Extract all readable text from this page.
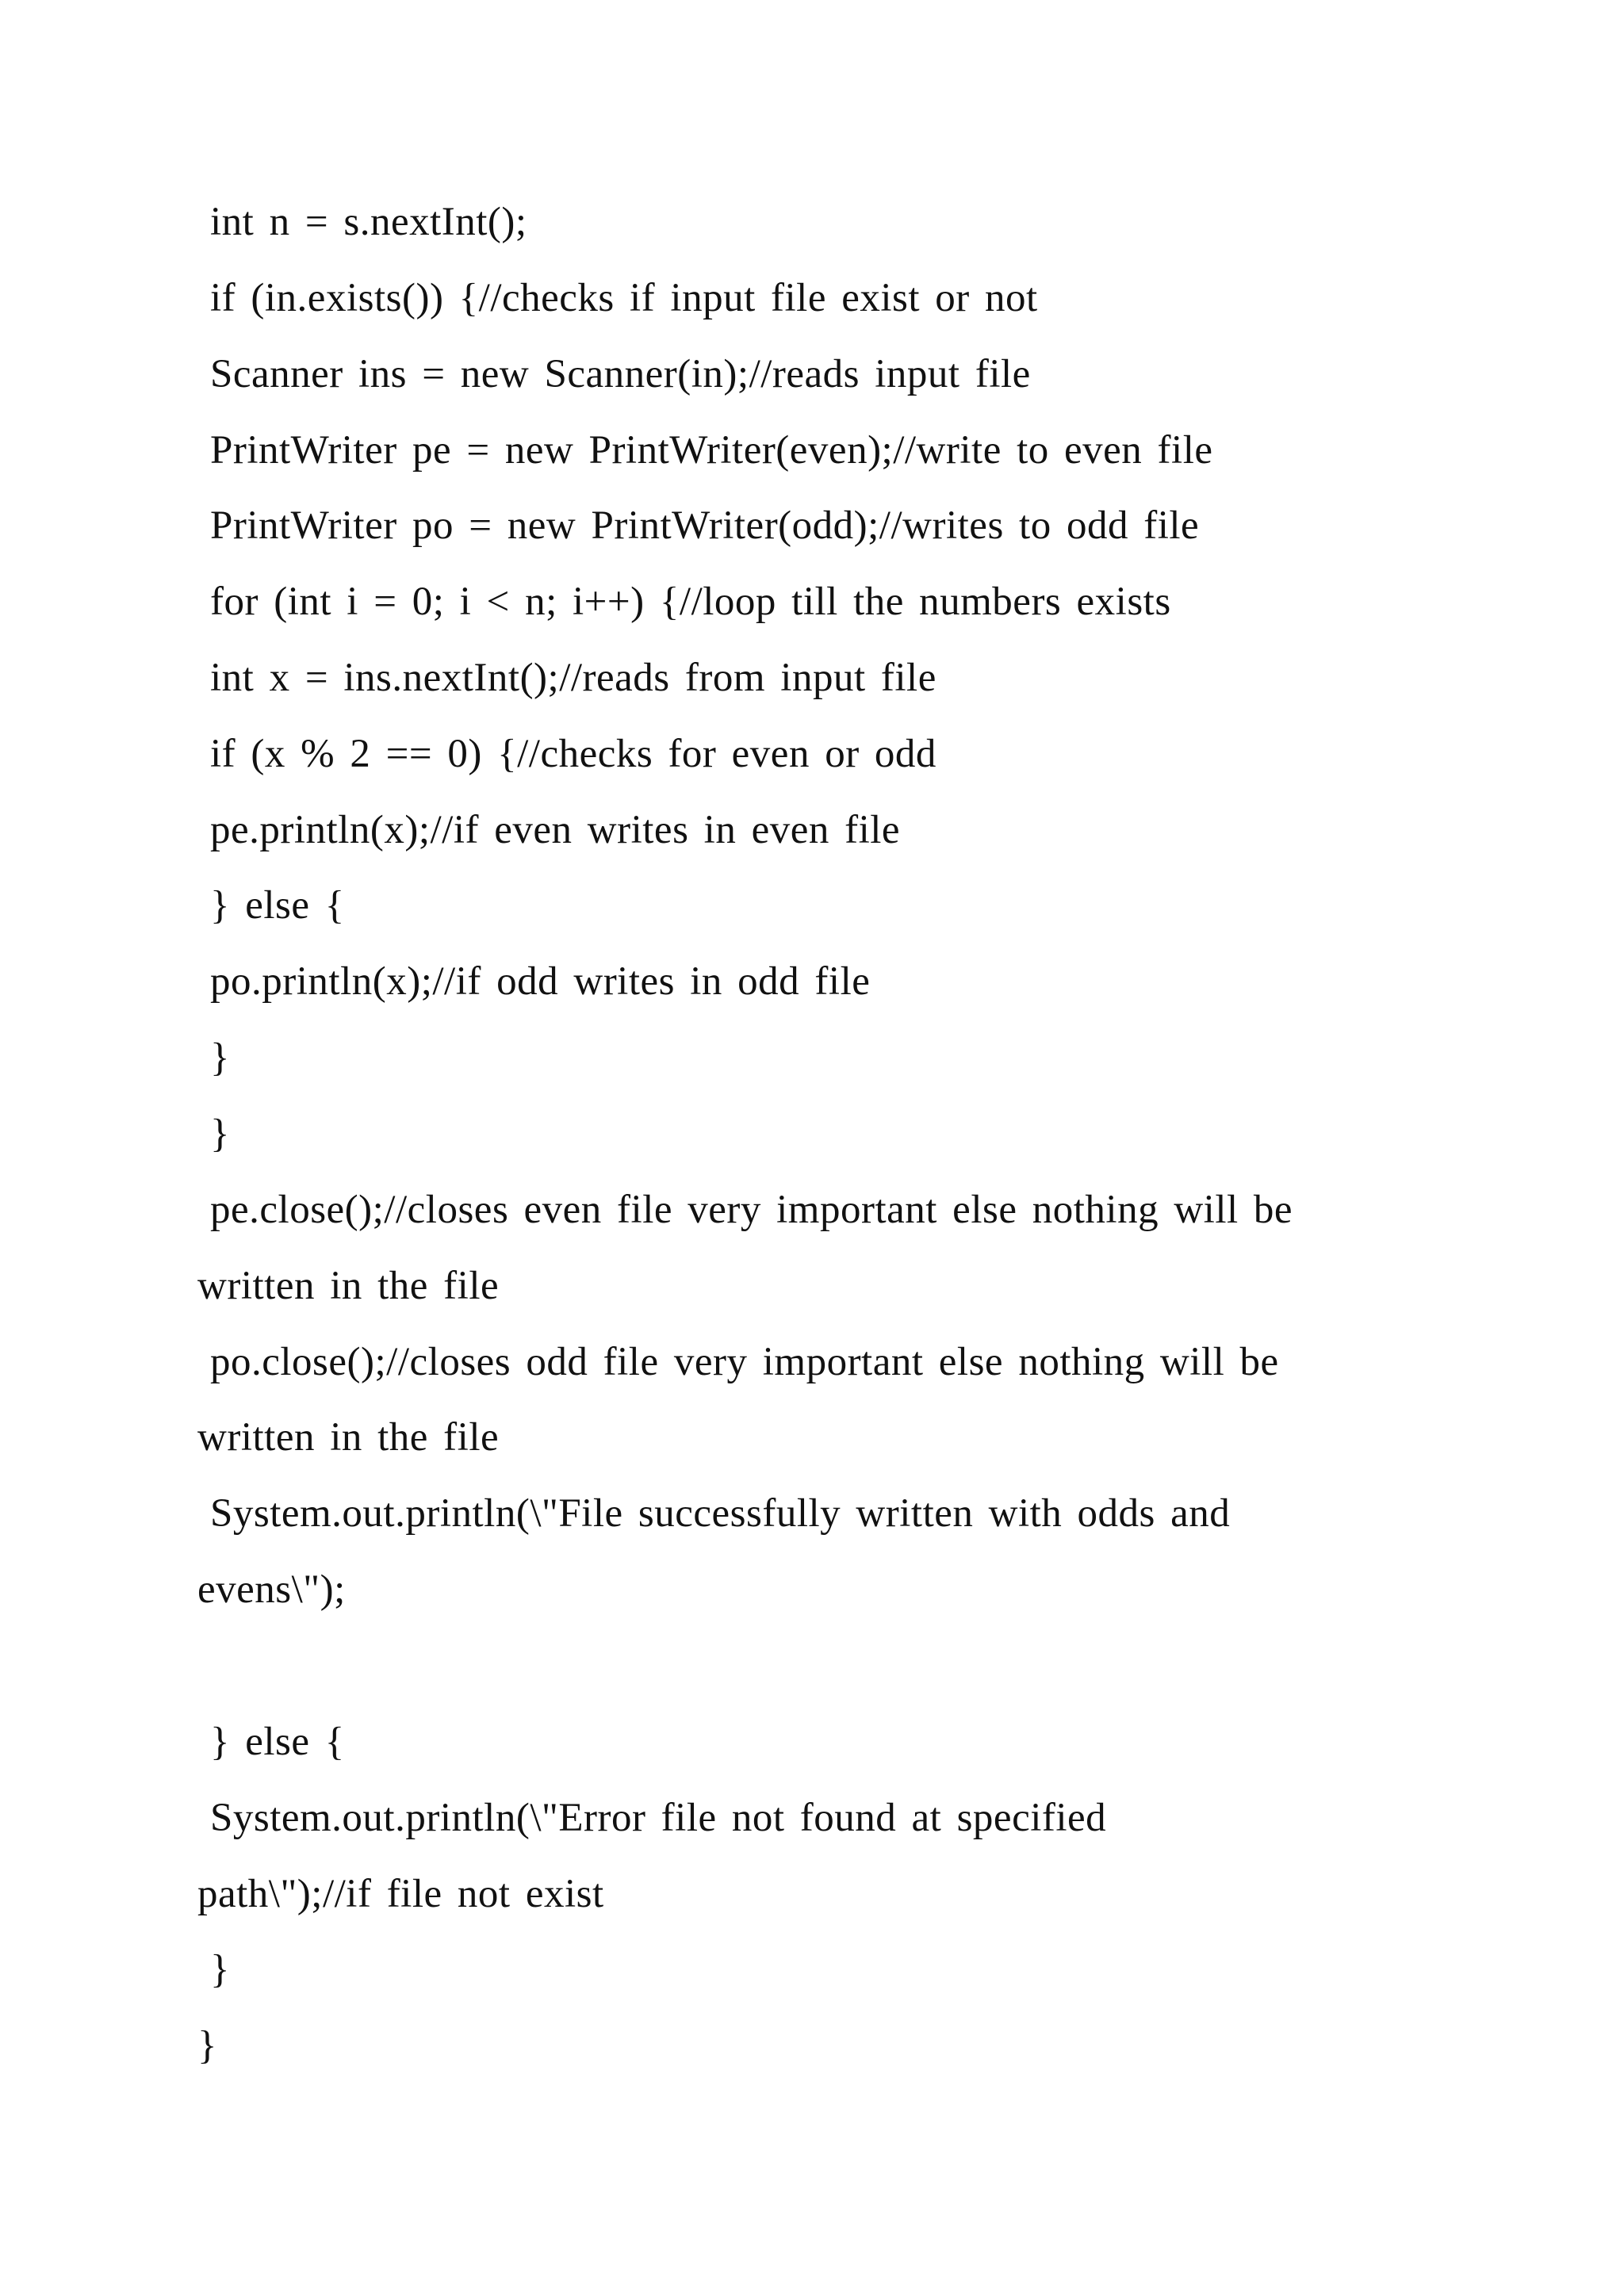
int n = s.nextInt();
if (in.exists()) {//checks if input file exist or not
Scanner ins = new Scanner(in);//reads input file
PrintWriter pe = new PrintWriter(even);//write to even file
PrintWriter po = new PrintWriter(odd);//writes to odd file
for (int i = 0; i < n; i++) {//loop till the numbers exists
int x = ins.nextInt();//reads from input file
if (x % 2 == 0) {//checks for even or odd
pe.println(x);//if even writes in even file
} else {
po.println(x);//if odd writes in odd file
}
}
pe.close();//closes even file very important else nothing will be
written in the file
po.close();//closes odd file very important else nothing will be
written in the file
System.out.println(\"File successfully written with odds and
evens\");
} else {
System.out.println(\"Error file not found at specified
path\");//if file not exist
}
}
